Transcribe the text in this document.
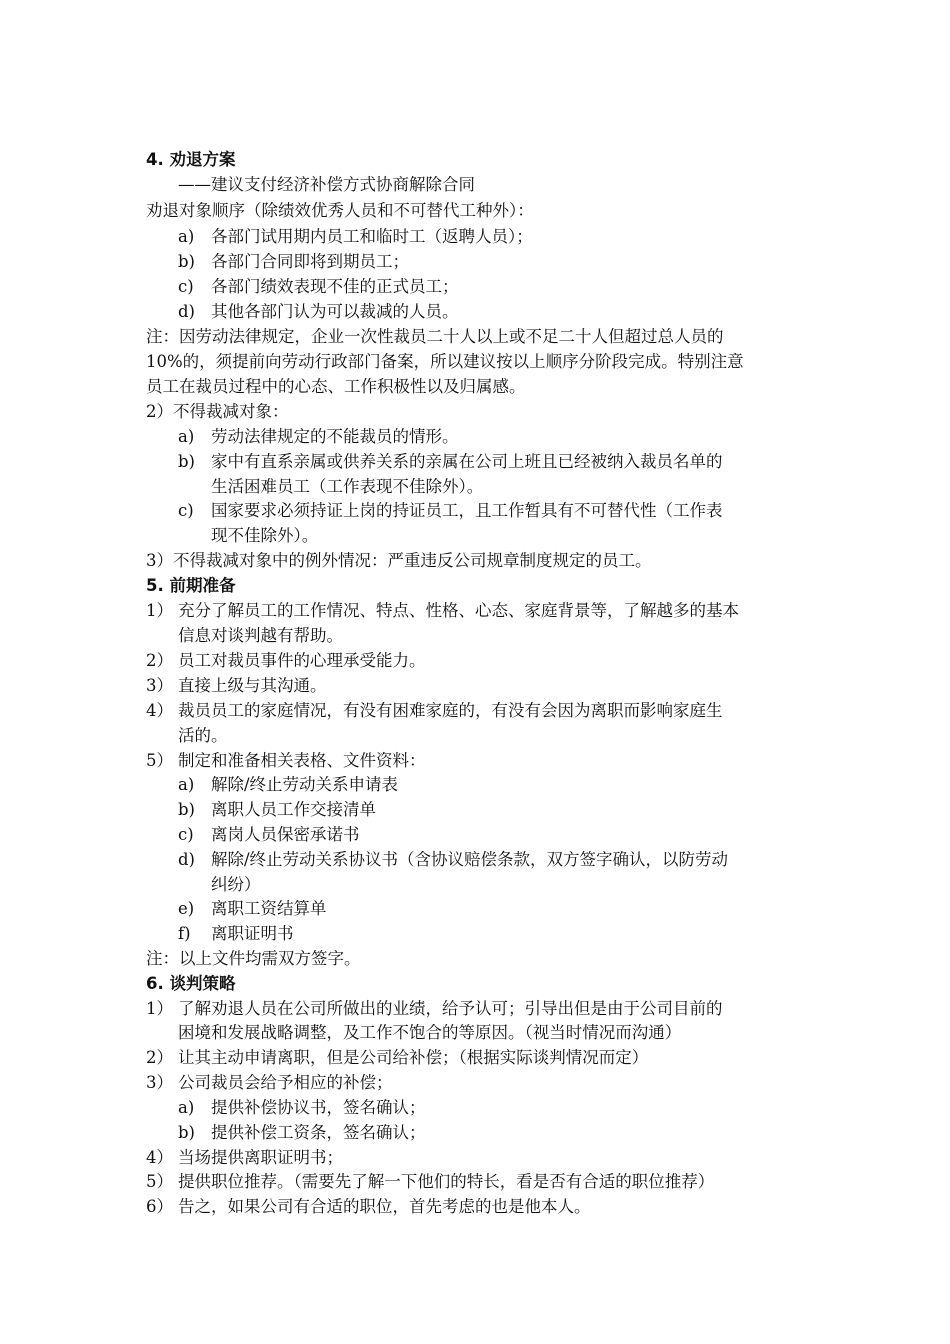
4. 劝退方案
——建议支付经济补偿方式协商解除合同
劝退对象顺序（除绩效优秀人员和不可替代工种外）：
a) 各部门试用期内员工和临时工（返聘人员）；
b) 各部门合同即将到期员工；
c) 各部门绩效表现不佳的正式员工；
d) 其他各部门认为可以裁减的人员。
注：因劳动法律规定，企业一次性裁员二十人以上或不足二十人但超过总人员的
10%的，须提前向劳动行政部门备案，所以建议按以上顺序分阶段完成。特别注意
员工在裁员过程中的心态、工作积极性以及归属感。
2）不得裁减对象：
a) 劳动法律规定的不能裁员的情形。
b) 家中有直系亲属或供养关系的亲属在公司上班且已经被纳入裁员名单的
生活困难员工（工作表现不佳除外）。
c) 国家要求必须持证上岗的持证员工，且工作暂具有不可替代性（工作表
现不佳除外）。
3）不得裁减对象中的例外情况：严重违反公司规章制度规定的员工。
5. 前期准备
1） 充分了解员工的工作情况、特点、性格、心态、家庭背景等，了解越多的基本
信息对谈判越有帮助。
2） 员工对裁员事件的心理承受能力。
3） 直接上级与其沟通。
4） 裁员员工的家庭情况，有没有困难家庭的，有没有会因为离职而影响家庭生
活的。
5） 制定和准备相关表格、文件资料：
a) 解除/终止劳动关系申请表
b) 离职人员工作交接清单
c) 离岗人员保密承诺书
d) 解除/终止劳动关系协议书（含协议赔偿条款，双方签字确认，以防劳动
纠纷）
e) 离职工资结算单
f) 离职证明书
注：以上文件均需双方签字。
6. 谈判策略
1） 了解劝退人员在公司所做出的业绩，给予认可；引导出但是由于公司目前的
困境和发展战略调整，及工作不饱合的等原因。（视当时情况而沟通）
2） 让其主动申请离职，但是公司给补偿；（根据实际谈判情况而定）
3） 公司裁员会给予相应的补偿；
a) 提供补偿协议书，签名确认；
b) 提供补偿工资条，签名确认；
4） 当场提供离职证明书；
5） 提供职位推荐。（需要先了解一下他们的特长，看是否有合适的职位推荐）
6） 告之，如果公司有合适的职位，首先考虑的也是他本人。
